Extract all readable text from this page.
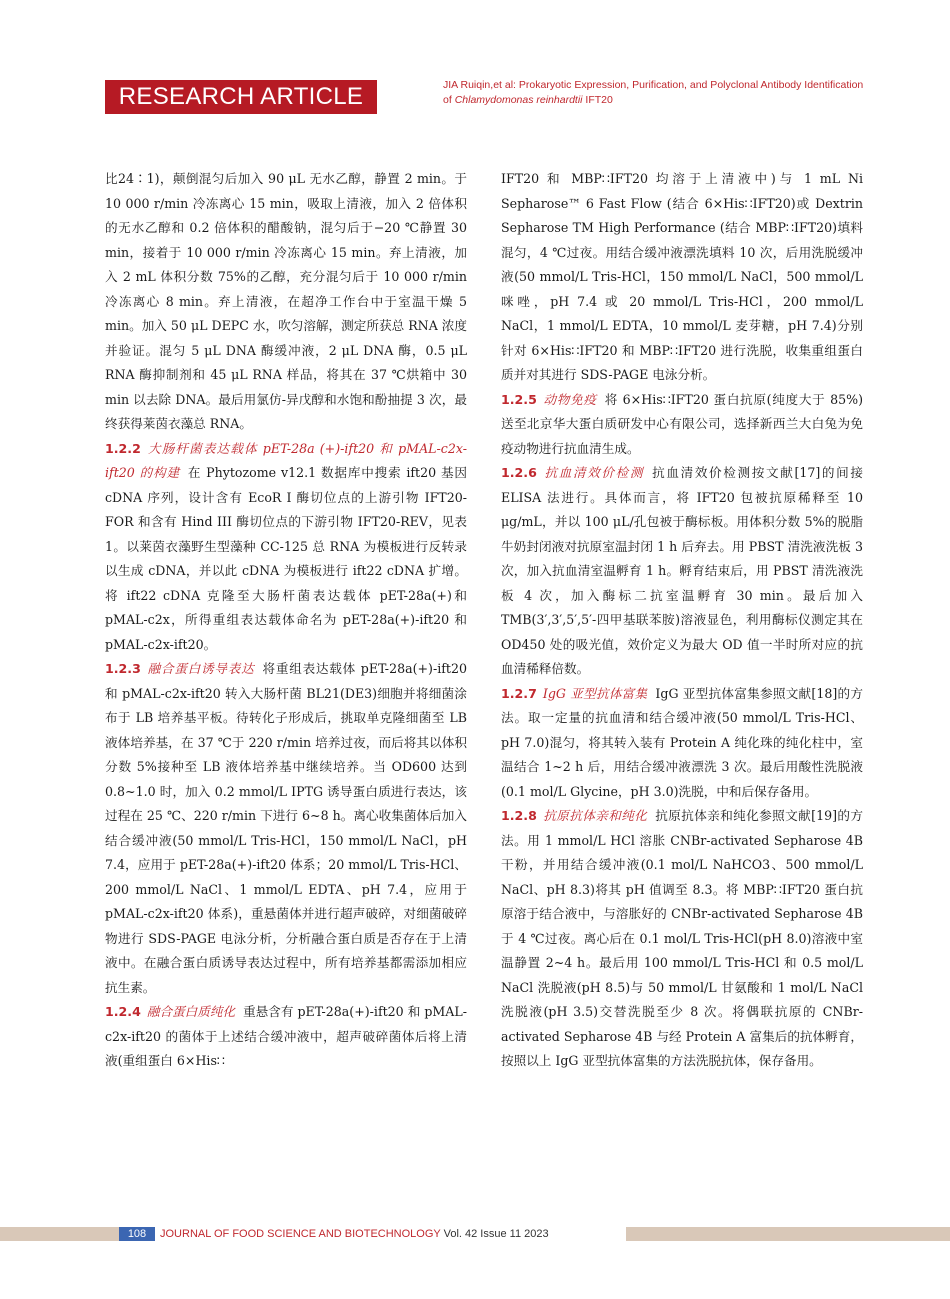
RESEARCH ARTICLE	JIA Ruiqin,et al: Prokaryotic Expression, Purification, and Polyclonal Antibody Identification of Chlamydomonas reinhardtii IFT20

比24∶1)，颠倒混匀后加入 90 μL 无水乙醇，静置 2 min。于 10 000 r/min 冷冻离心 15 min，吸取上清液，加入 2 倍体积的无水乙醇和 0.2 倍体积的醋酸钠，混匀后于−20 ℃静置 30 min，接着于 10 000 r/min 冷冻离心 15 min。弃上清液，加入 2 mL 体积分数 75%的乙醇，充分混匀后于 10 000 r/min 冷冻离心 8 min。弃上清液，在超净工作台中于室温干燥 5 min。加入 50 μL DEPC 水，吹匀溶解，测定所获总 RNA 浓度并验证。混匀 5 μL DNA 酶缓冲液，2 μL DNA 酶，0.5 μL RNA 酶抑制剂和 45 μL RNA 样品，将其在 37 ℃烘箱中 30 min 以去除 DNA。最后用氯仿-异戊醇和水饱和酚抽提 3 次，最终获得莱茵衣藻总 RNA。

1.2.2 大肠杆菌表达载体 pET-28a (+)-ift20 和 pMAL-c2x-ift20 的构建 在 Phytozome v12.1 数据库中搜索 ift20 基因 cDNA 序列，设计含有 EcoR I 酶切位点的上游引物 IFT20-FOR 和含有 Hind III 酶切位点的下游引物 IFT20-REV，见表 1。以莱茵衣藻野生型藻种 CC-125 总 RNA 为模板进行反转录以生成 cDNA，并以此 cDNA 为模板进行 ift22 cDNA 扩增。将 ift22 cDNA 克隆至大肠杆菌表达载体 pET-28a(+)和 pMAL-c2x，所得重组表达载体命名为 pET-28a(+)-ift20 和 pMAL-c2x-ift20。

1.2.3 融合蛋白诱导表达 将重组表达载体 pET-28a(+)-ift20 和 pMAL-c2x-ift20 转入大肠杆菌 BL21(DE3)细胞并将细菌涂布于 LB 培养基平板。待转化子形成后，挑取单克隆细菌至 LB 液体培养基，在 37 ℃于 220 r/min 培养过夜，而后将其以体积分数 5%接种至 LB 液体培养基中继续培养。当 OD600 达到 0.8~1.0 时，加入 0.2 mmol/L IPTG 诱导蛋白质进行表达，该过程在 25 ℃、220 r/min 下进行 6~8 h。离心收集菌体后加入结合缓冲液(50 mmol/L Tris-HCl，150 mmol/L NaCl，pH 7.4，应用于 pET-28a(+)-ift20 体系；20 mmol/L Tris-HCl、200 mmol/L NaCl、1 mmol/L EDTA、pH 7.4，应用于 pMAL-c2x-ift20 体系)，重悬菌体并进行超声破碎，对细菌破碎物进行 SDS-PAGE 电泳分析，分析融合蛋白质是否存在于上清液中。在融合蛋白质诱导表达过程中，所有培养基都需添加相应抗生素。

1.2.4 融合蛋白质纯化 重悬含有 pET-28a(+)-ift20 和 pMAL-c2x-ift20 的菌体于上述结合缓冲液中，超声破碎菌体后将上清液(重组蛋白 6×His∷

IFT20 和 MBP∷IFT20 均溶于上清液中)与 1 mL Ni Sepharose™ 6 Fast Flow (结合 6×His∷IFT20)或 Dextrin Sepharose TM High Performance (结合 MBP∷IFT20)填料混匀，4 ℃过夜。用结合缓冲液漂洗填料 10 次，后用洗脱缓冲液(50 mmol/L Tris-HCl，150 mmol/L NaCl，500 mmol/L 咪唑，pH 7.4 或 20 mmol/L Tris-HCl，200 mmol/L NaCl，1 mmol/L EDTA，10 mmol/L 麦芽糖，pH 7.4)分别针对 6×His∷IFT20 和 MBP∷IFT20 进行洗脱，收集重组蛋白质并对其进行 SDS-PAGE 电泳分析。

1.2.5 动物免疫 将 6×His∷IFT20 蛋白抗原(纯度大于 85%)送至北京华大蛋白质研发中心有限公司，选择新西兰大白兔为免疫动物进行抗血清生成。

1.2.6 抗血清效价检测 抗血清效价检测按文献[17]的间接 ELISA 法进行。具体而言，将 IFT20 包被抗原稀释至 10 μg/mL，并以 100 μL/孔包被于酶标板。用体积分数 5%的脱脂牛奶封闭液对抗原室温封闭 1 h 后弃去。用 PBST 清洗液洗板 3 次，加入抗血清室温孵育 1 h。孵育结束后，用 PBST 清洗液洗板 4 次，加入酶标二抗室温孵育 30 min。最后加入 TMB(3′,3′,5′,5′-四甲基联苯胺)溶液显色，利用酶标仪测定其在 OD450 处的吸光值，效价定义为最大 OD 值一半时所对应的抗血清稀释倍数。

1.2.7 IgG 亚型抗体富集 IgG 亚型抗体富集参照文献[18]的方法。取一定量的抗血清和结合缓冲液(50 mmol/L Tris-HCl、pH 7.0)混匀，将其转入装有 Protein A 纯化珠的纯化柱中，室温结合 1~2 h 后，用结合缓冲液漂洗 3 次。最后用酸性洗脱液(0.1 mol/L Glycine，pH 3.0)洗脱，中和后保存备用。

1.2.8 抗原抗体亲和纯化 抗原抗体亲和纯化参照文献[19]的方法。用 1 mmol/L HCl 溶胀 CNBr-activated Sepharose 4B 干粉，并用结合缓冲液(0.1 mol/L NaHCO3、500 mmol/L NaCl、pH 8.3)将其 pH 值调至 8.3。将 MBP∷IFT20 蛋白抗原溶于结合液中，与溶胀好的 CNBr-activated Sepharose 4B 于 4 ℃过夜。离心后在 0.1 mol/L Tris-HCl(pH 8.0)溶液中室温静置 2~4 h。最后用 100 mmol/L Tris-HCl 和 0.5 mol/L NaCl 洗脱液(pH 8.5)与 50 mmol/L 甘氨酸和 1 mol/L NaCl 洗脱液(pH 3.5)交替洗脱至少 8 次。将偶联抗原的 CNBr-activated Sepharose 4B 与经 Protein A 富集后的抗体孵育，按照以上 IgG 亚型抗体富集的方法洗脱抗体，保存备用。

108	JOURNAL OF FOOD SCIENCE AND BIOTECHNOLOGY Vol. 42 Issue 11 2023
